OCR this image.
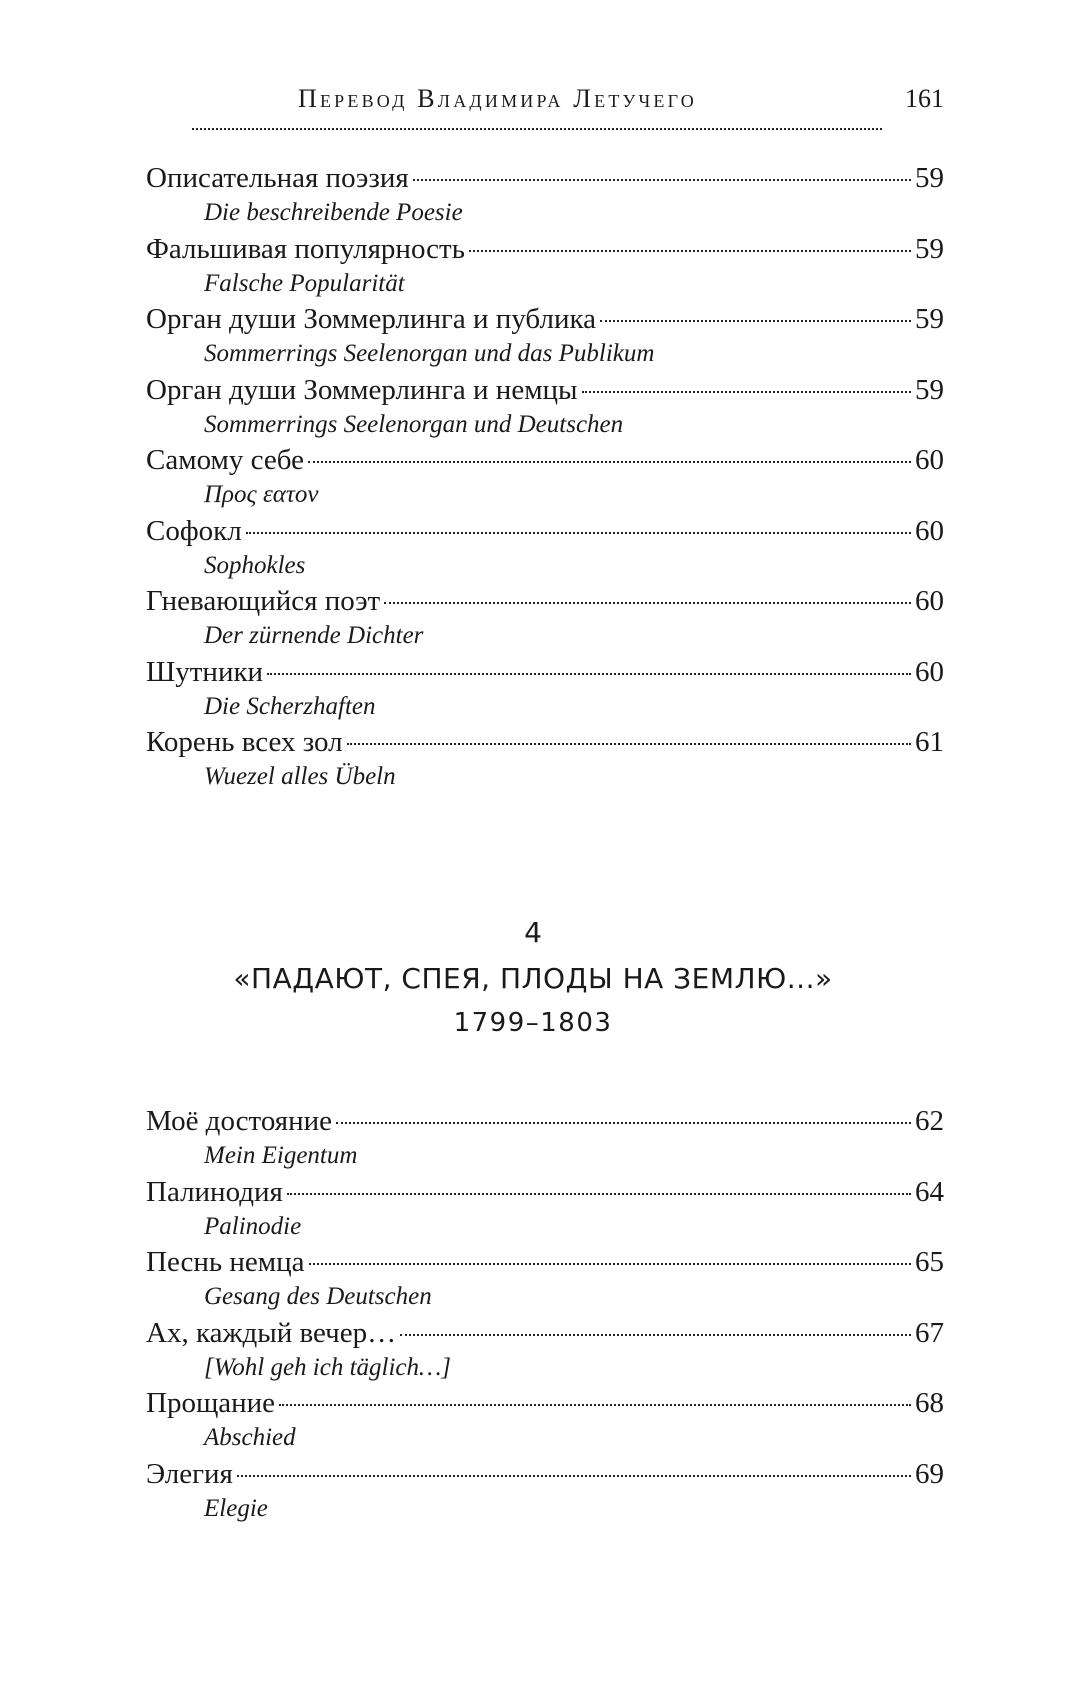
Перевод Владимира Летучего	161
Описательная поэзия	59
Die beschreibende Poesie
Фальшивая популярность	59
Falsche Popularität
Орган души Зоммерлинга и публика	59
Sommerrings Seelenorgan und das Publikum
Орган души Зоммерлинга и немцы	59
Sommerrings Seelenorgan und Deutschen
Самому себе	60
Προς εατον
Софокл	60
Sophokles
Гневающийся поэт	60
Der zürnende Dichter
Шутники	60
Die Scherzhaften
Корень всех зол	61
Wuezel alles Übeln
4
«ПАДАЮТ, СПЕЯ, ПЛОДЫ НА ЗЕМЛЮ...»
1799–1803
Моё достояние	62
Mein Eigentum
Палинодия	64
Palinodie
Песнь немца	65
Gesang des Deutschen
Ах, каждый вечер…	67
[Wohl geh ich täglich…]
Прощание	68
Abschied
Элегия	69
Elegie
